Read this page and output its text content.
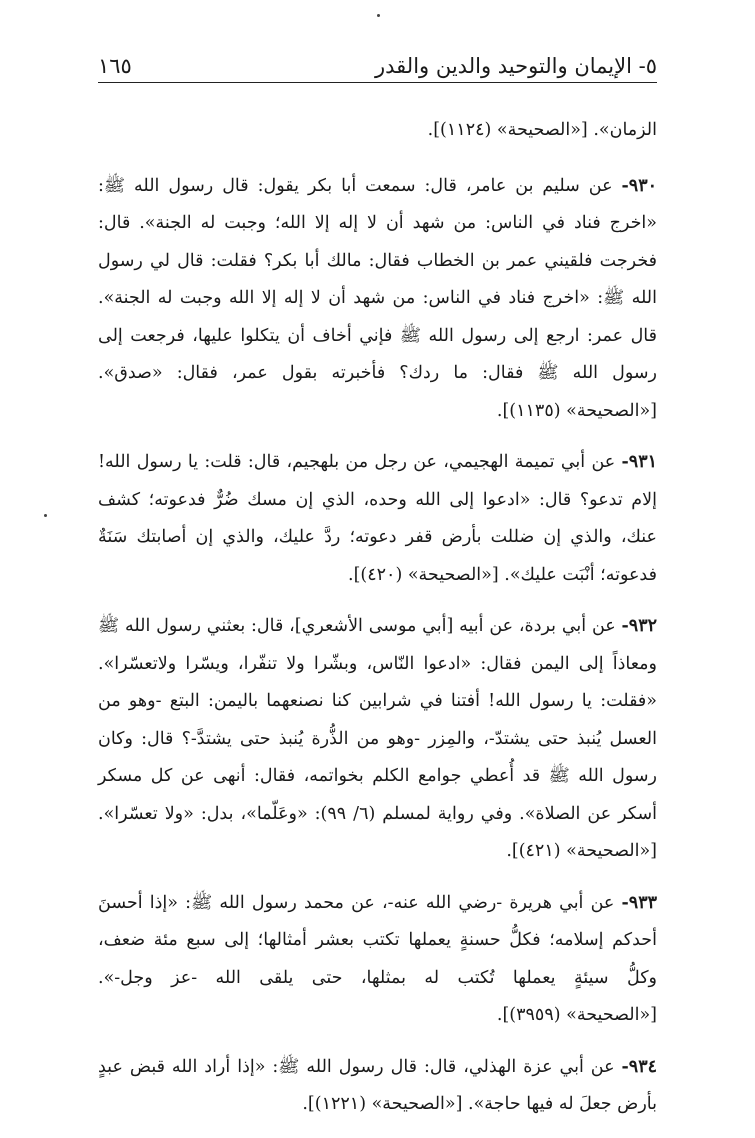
٥- الإيمان والتوحيد والدين والقدر
١٦٥

الزمان». [«الصحيحة» (١١٢٤)].

٩٣٠- عن سليم بن عامر، قال: سمعت أبا بكر يقول: قال رسول الله ﷺ: «اخرج فناد في الناس: من شهد أن لا إله إلا الله؛ وجبت له الجنة». قال: فخرجت فلقيني عمر بن الخطاب فقال: مالك أبا بكر؟ فقلت: قال لي رسول الله ﷺ: «اخرج فناد في الناس: من شهد أن لا إله إلا الله وجبت له الجنة». قال عمر: ارجع إلى رسول الله ﷺ فإني أخاف أن يتكلوا عليها، فرجعت إلى رسول الله ﷺ فقال: ما ردك؟ فأخبرته بقول عمر، فقال: «صدق». [«الصحيحة» (١١٣٥)].

٩٣١- عن أبي تميمة الهجيمي، عن رجل من بلهجيم، قال: قلت: يا رسول الله! إلام تدعو؟ قال: «ادعوا إلى الله وحده، الذي إن مسك ضُرٌّ فدعوته؛ كشف عنك، والذي إن ضللت بأرض قفر دعوته؛ ردَّ عليك، والذي إن أصابتك سَنَةٌ فدعوته؛ أنْبَت عليك». [«الصحيحة» (٤٢٠)].

٩٣٢- عن أبي بردة، عن أبيه [أبي موسى الأشعري]، قال: بعثني رسول الله ﷺ ومعاذاً إلى اليمن فقال: «ادعوا النّاس، وبشّرا ولا تنفّرا، ويسّرا ولاتعسّرا». «فقلت: يا رسول الله! أفتنا في شرابين كنا نصنعهما باليمن: البتع -وهو من العسل يُنبذ حتى يشتدّ-، والمِزر -وهو من الذُّرة يُنبذ حتى يشتدَّ-؟ قال: وكان رسول الله ﷺ قد أُعطي جوامع الكلم بخواتمه، فقال: أنهى عن كل مسكر أسكر عن الصلاة». وفي رواية لمسلم (٦/ ٩٩): «وعَلّما»، بدل: «ولا تعسّرا». [«الصحيحة» (٤٢١)].

٩٣٣- عن أبي هريرة -رضي الله عنه-، عن محمد رسول الله ﷺ: «إذا أحسنَ أحدكم إسلامه؛ فكلُّ حسنةٍ يعملها تكتب بعشر أمثالها؛ إلى سبع مئة ضعف، وكلُّ سيئةٍ يعملها تُكتب له بمثلها، حتى يلقى الله -عز وجل-». [«الصحيحة» (٣٩٥٩)].

٩٣٤- عن أبي عزة الهذلي، قال: قال رسول الله ﷺ: «إذا أراد الله قبض عبدٍ بأرض جعلَ له فيها حاجة». [«الصحيحة» (١٢٢١)].
